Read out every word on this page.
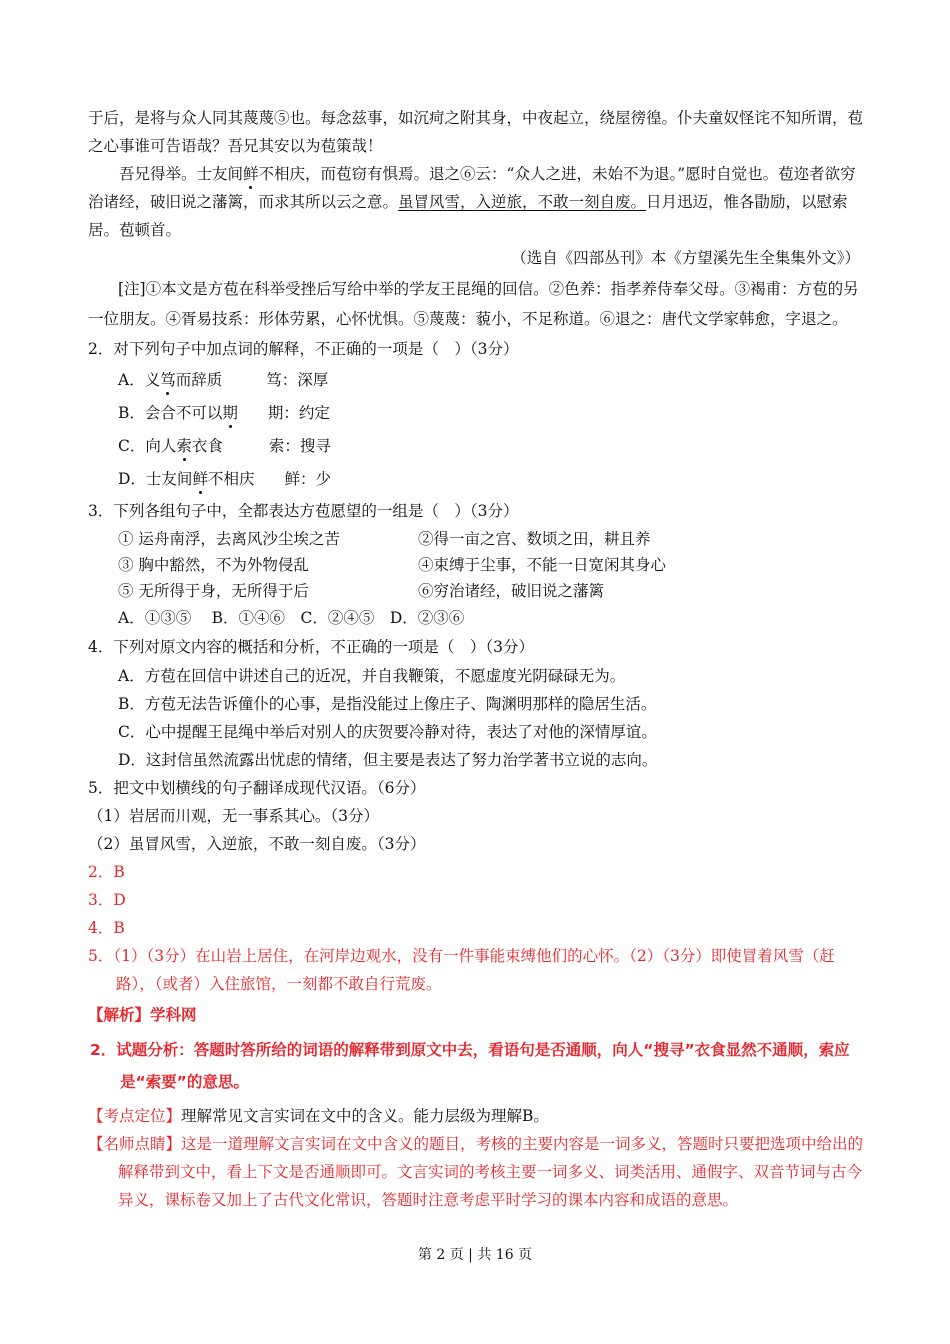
于后，是将与众人同其蔑蔑⑤也。每念兹事，如沉疴之附其身，中夜起立，绕屋徬徨。仆夫童奴怪诧不知所谓，苞之心事谁可告语哉？吾兄其安以为苞策哉！

吾兄得举。士友间鲜不相庆，而苞窃有惧焉。退之⑥云：“众人之进，未始不为退。”愿时自觉也。苞迩者欲穷治诸经，破旧说之藩篱，而求其所以云之意。虽冒风雪，入逆旅，不敢一刻自废。日月迅迈，惟各勖励，以慰索居。苞顿首。

（选自《四部丛刊》本《方望溪先生全集集外文》）

[注]①本文是方苞在科举受挫后写给中举的学友王昆绳的回信。②色养：指孝养侍奉父母。③褐甫：方苞的另一位朋友。④胥易技系：形体劳累，心怀忧惧。⑤蔑蔑：藐小，不足称道。⑥退之：唐代文学家韩愈，字退之。

2．对下列句子中加点词的解释，不正确的一项是（　）（3分）

A．义笃而辞质	笃：深厚

B．会合不可以期 期：约定

C．向人索衣食	索：搜寻

D．士友间鲜不相庆 鲜：少

3．下列各组句子中，全都表达方苞愿望的一组是（　）（3分）

① 运舟南浮，去离风沙尘埃之苦	②得一亩之宫、数顷之田，耕且养
③ 胸中豁然，不为外物侵乱	④束缚于尘事，不能一日宽闲其身心
⑤ 无所得于身，无所得于后	⑥穷治诸经，破旧说之藩篱

A．①③⑤　 B．①④⑥　C．②④⑤　D．②③⑥

4．下列对原文内容的概括和分析，不正确的一项是（　）（3分）

A．方苞在回信中讲述自己的近况，并自我鞭策，不愿虚度光阴碌碌无为。

B．方苞无法告诉僮仆的心事，是指没能过上像庄子、陶渊明那样的隐居生活。

C．心中提醒王昆绳中举后对别人的庆贺要冷静对待，表达了对他的深情厚谊。

D．这封信虽然流露出忧虑的情绪，但主要是表达了努力治学著书立说的志向。

5．把文中划横线的句子翻译成现代汉语。（6分）

（1）岩居而川观，无一事系其心。（3分）

（2）虽冒风雪，入逆旅，不敢一刻自废。（3分）

2．B

3．D

4．B

5．（1）（3分）在山岩上居住，在河岸边观水，没有一件事能束缚他们的心怀。（2）（3分）即使冒着风雪（赶路），（或者）入住旅馆，一刻都不敢自行荒废。

【解析】学科网

2．试题分析：答题时答所给的词语的解释带到原文中去，看语句是否通顺，向人“搜寻”衣食显然不通顺，索应是“索要”的意思。

【考点定位】理解常见文言实词在文中的含义。能力层级为理解B。

【名师点睛】这是一道理解文言实词在文中含义的题目，考核的主要内容是一词多义，答题时只要把选项中给出的解释带到文中，看上下文是否通顺即可。文言实词的考核主要一词多义、词类活用、通假字、双音节词与古今异义，课标卷又加上了古代文化常识，答题时注意考虑平时学习的课本内容和成语的意思。

第 2 页 | 共 16 页
